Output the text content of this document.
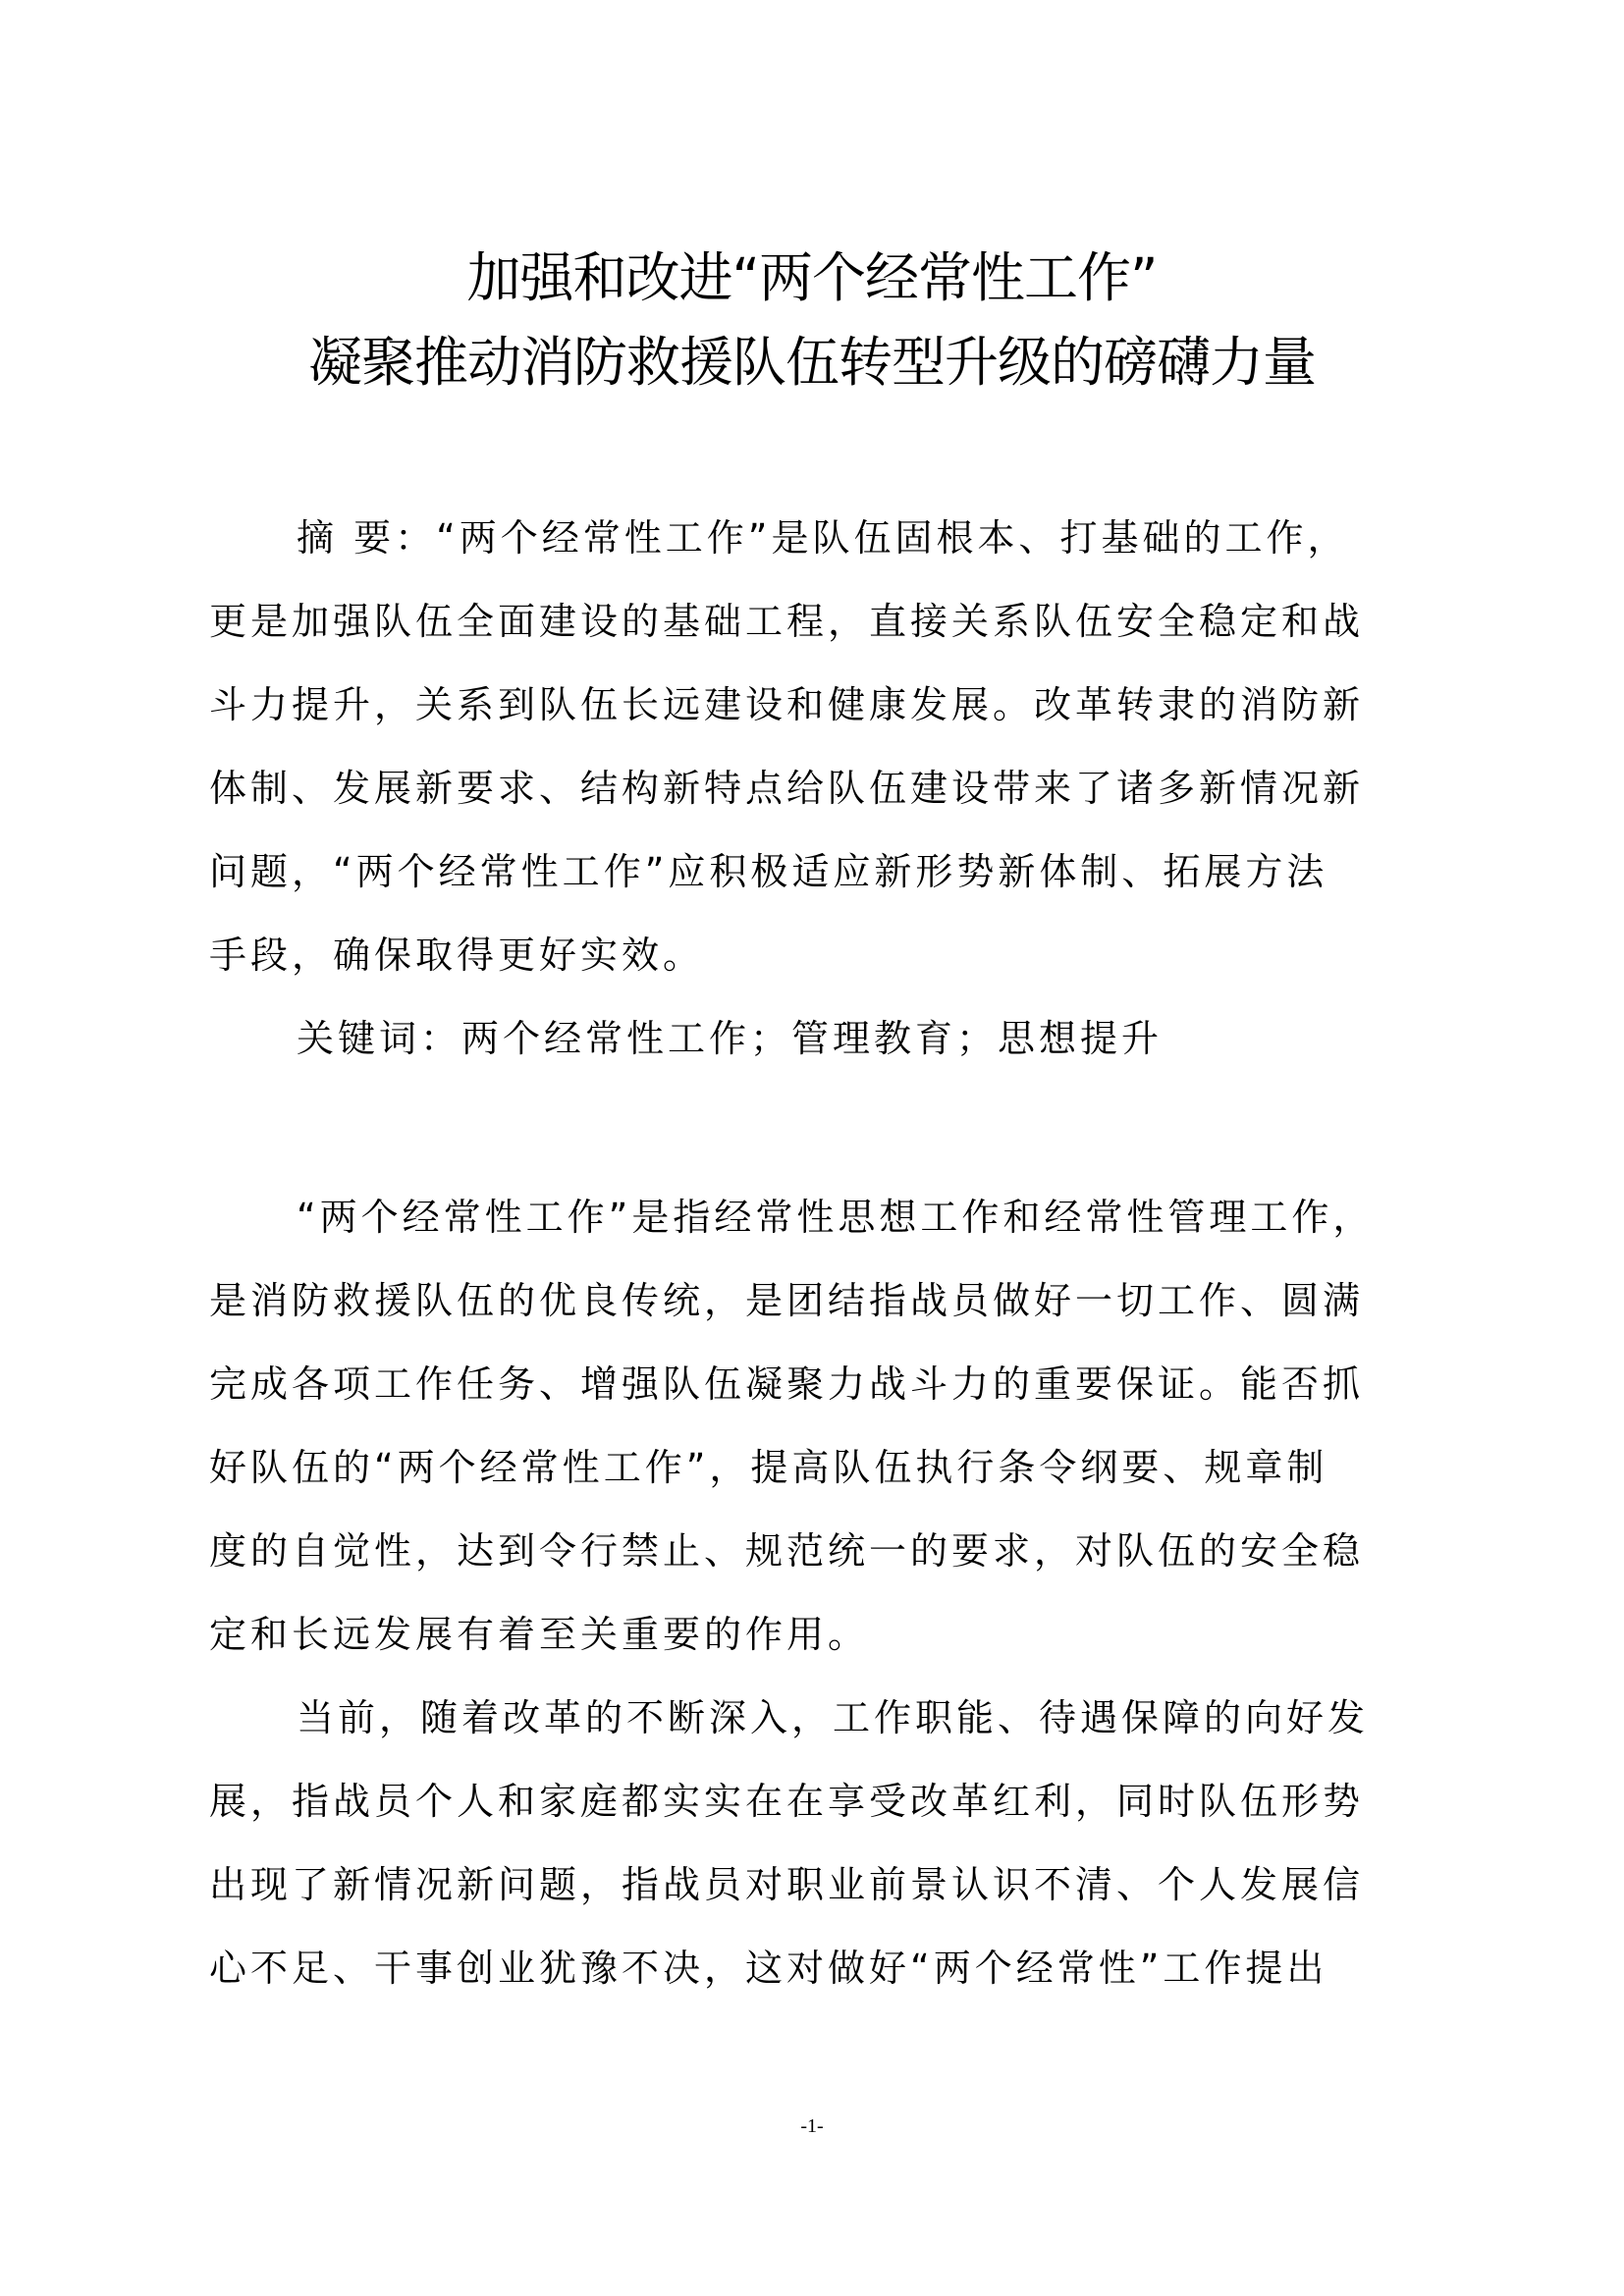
加强和改进“两个经常性工作”
凝聚推动消防救援队伍转型升级的磅礴力量
摘 要：“两个经常性工作”是队伍固根本、打基础的工作，
更是加强队伍全面建设的基础工程，直接关系队伍安全稳定和战
斗力提升，关系到队伍长远建设和健康发展。改革转隶的消防新
体制、发展新要求、结构新特点给队伍建设带来了诸多新情况新
问题，“两个经常性工作”应积极适应新形势新体制、拓展方法
手段，确保取得更好实效。
关键词：两个经常性工作；管理教育；思想提升
“两个经常性工作”是指经常性思想工作和经常性管理工作，
是消防救援队伍的优良传统，是团结指战员做好一切工作、圆满
完成各项工作任务、增强队伍凝聚力战斗力的重要保证。能否抓
好队伍的“两个经常性工作”，提高队伍执行条令纲要、规章制
度的自觉性，达到令行禁止、规范统一的要求，对队伍的安全稳
定和长远发展有着至关重要的作用。
当前，随着改革的不断深入，工作职能、待遇保障的向好发
展，指战员个人和家庭都实实在在享受改革红利，同时队伍形势
出现了新情况新问题，指战员对职业前景认识不清、个人发展信
心不足、干事创业犹豫不决，这对做好“两个经常性”工作提出
-1-
